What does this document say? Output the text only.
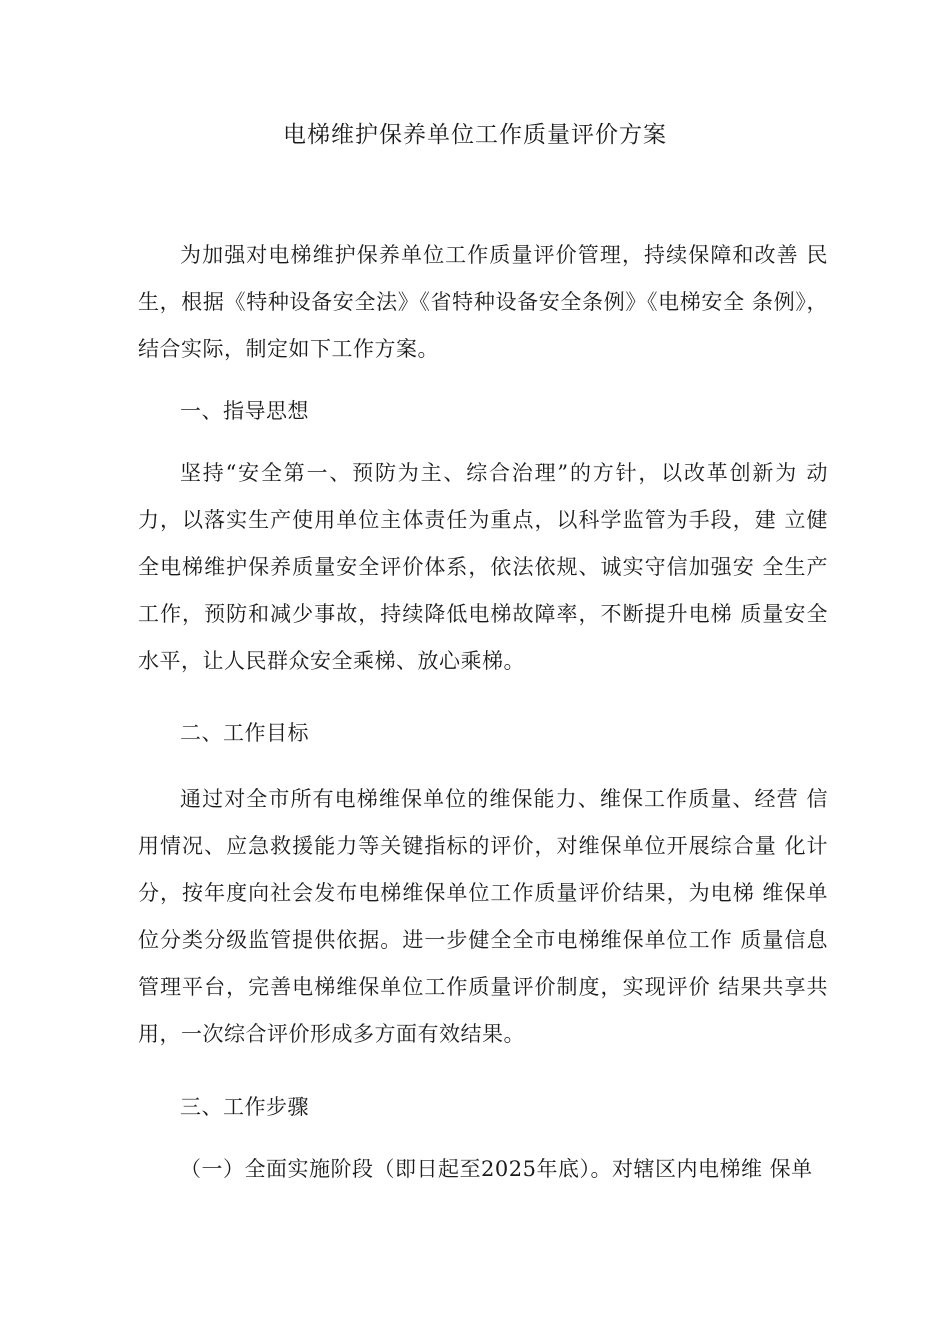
电梯维护保养单位工作质量评价方案

为加强对电梯维护保养单位工作质量评价管理，持续保障和改善 民生，根据《特种设备安全法》《省特种设备安全条例》《电梯安全 条例》，结合实际，制定如下工作方案。

一、指导思想

坚持“安全第一、预防为主、综合治理”的方针，以改革创新为 动力，以落实生产使用单位主体责任为重点，以科学监管为手段，建 立健全电梯维护保养质量安全评价体系，依法依规、诚实守信加强安 全生产工作，预防和减少事故，持续降低电梯故障率，不断提升电梯 质量安全水平，让人民群众安全乘梯、放心乘梯。

二、工作目标

通过对全市所有电梯维保单位的维保能力、维保工作质量、经营 信用情况、应急救援能力等关键指标的评价，对维保单位开展综合量 化计分，按年度向社会发布电梯维保单位工作质量评价结果，为电梯 维保单位分类分级监管提供依据。进一步健全全市电梯维保单位工作 质量信息管理平台，完善电梯维保单位工作质量评价制度，实现评价 结果共享共用，一次综合评价形成多方面有效结果。

三、工作步骤

（一）全面实施阶段（即日起至2025年底）。对辖区内电梯维 保单
